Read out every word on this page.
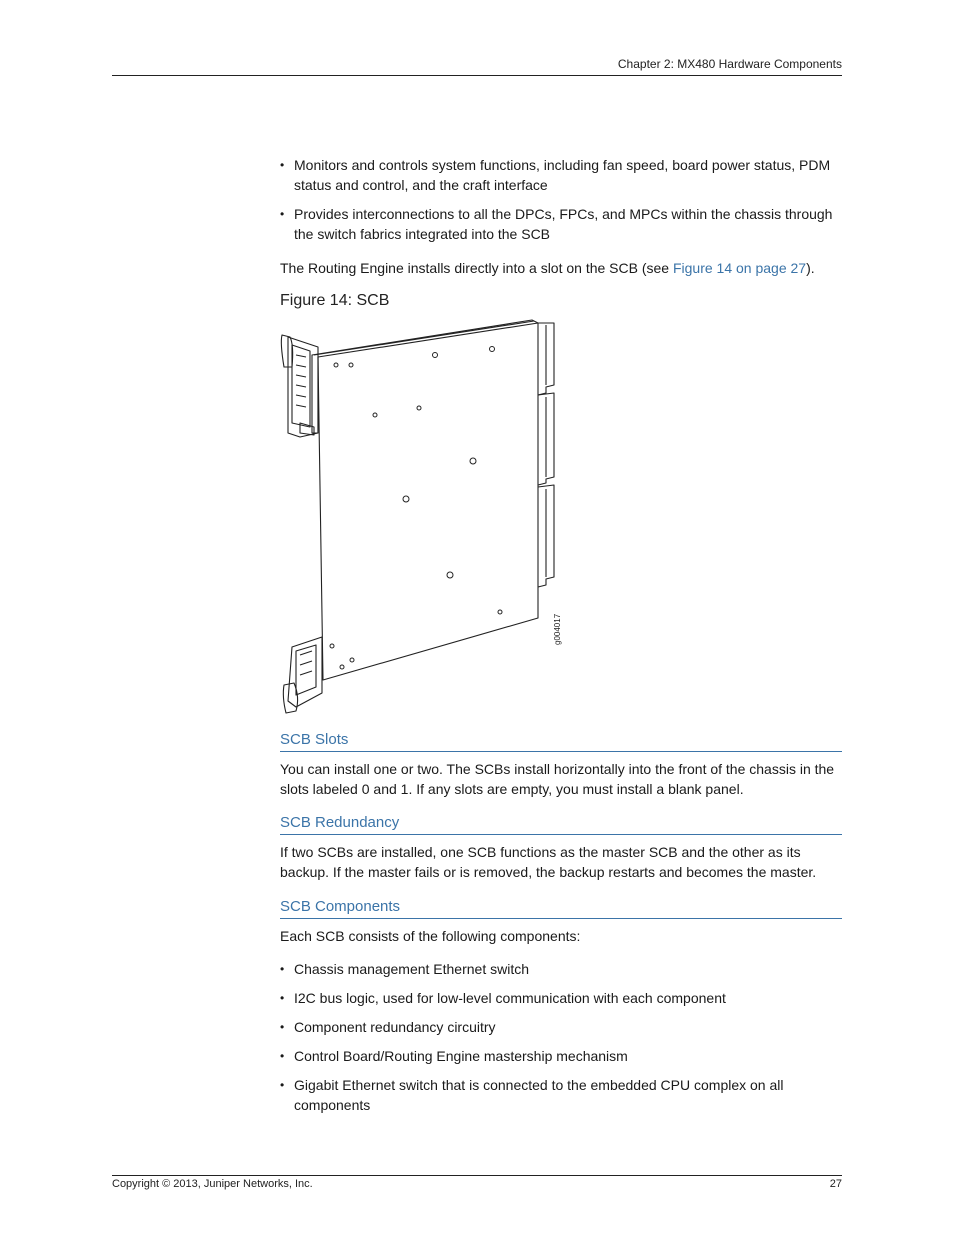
Chapter 2: MX480 Hardware Components
• Monitors and controls system functions, including fan speed, board power status, PDM status and control, and the craft interface
• Provides interconnections to all the DPCs, FPCs, and MPCs within the chassis through the switch fabrics integrated into the SCB
The Routing Engine installs directly into a slot on the SCB (see Figure 14 on page 27).
Figure 14: SCB
g004017
SCB Slots
You can install one or two. The SCBs install horizontally into the front of the chassis in the slots labeled 0 and 1. If any slots are empty, you must install a blank panel.
SCB Redundancy
If two SCBs are installed, one SCB functions as the master SCB and the other as its backup. If the master fails or is removed, the backup restarts and becomes the master.
SCB Components
Each SCB consists of the following components:
• Chassis management Ethernet switch
• I2C bus logic, used for low-level communication with each component
• Component redundancy circuitry
• Control Board/Routing Engine mastership mechanism
• Gigabit Ethernet switch that is connected to the embedded CPU complex on all components
Copyright © 2013, Juniper Networks, Inc.	27
